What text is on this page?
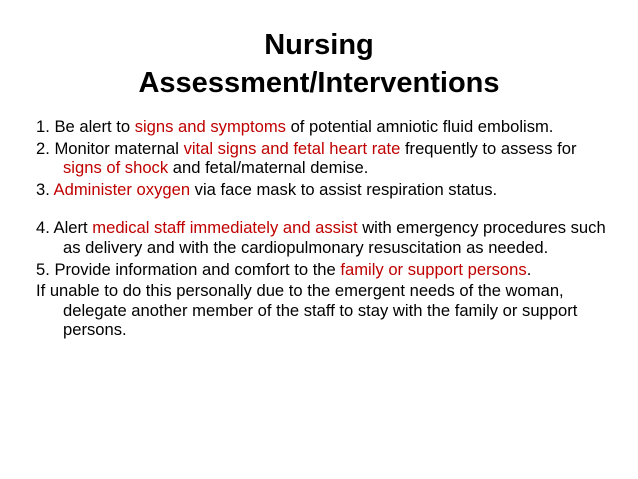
Nursing
Assessment/Interventions

1. Be alert to signs and symptoms of potential amniotic fluid embolism.

2. Monitor maternal vital signs and fetal heart rate frequently to assess for signs of shock and fetal/maternal demise.

3. Administer oxygen via face mask to assist respiration status.

4. Alert medical staff immediately and assist with emergency procedures such as delivery and with the cardiopulmonary resuscitation as needed.

5. Provide information and comfort to the family or support persons.

If unable to do this personally due to the emergent needs of the woman, delegate another member of the staff to stay with the family or support persons.
